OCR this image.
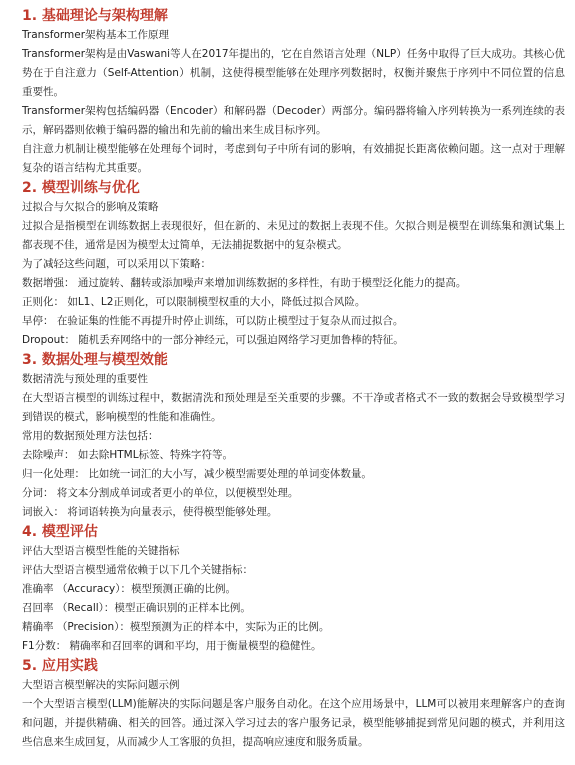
1. 基础理论与架构理解

Transformer架构基本工作原理

Transformer架构是由Vaswani等人在2017年提出的，它在自然语言处理（NLP）任务中取得了巨大成功。其核心优势在于自注意力（Self-Attention）机制，这使得模型能够在处理序列数据时，权衡并聚焦于序列中不同位置的信息重要性。

Transformer架构包括编码器（Encoder）和解码器（Decoder）两部分。编码器将输入序列转换为一系列连续的表示，解码器则依赖于编码器的输出和先前的输出来生成目标序列。

自注意力机制让模型能够在处理每个词时，考虑到句子中所有词的影响，有效捕捉长距离依赖问题。这一点对于理解复杂的语言结构尤其重要。

2. 模型训练与优化

过拟合与欠拟合的影响及策略

过拟合是指模型在训练数据上表现很好，但在新的、未见过的数据上表现不佳。欠拟合则是模型在训练集和测试集上都表现不佳，通常是因为模型太过简单，无法捕捉数据中的复杂模式。

为了减轻这些问题，可以采用以下策略：

数据增强： 通过旋转、翻转或添加噪声来增加训练数据的多样性，有助于模型泛化能力的提高。

正则化： 如L1、L2正则化，可以限制模型权重的大小，降低过拟合风险。

早停： 在验证集的性能不再提升时停止训练，可以防止模型过于复杂从而过拟合。

Dropout： 随机丢弃网络中的一部分神经元，可以强迫网络学习更加鲁棒的特征。

3. 数据处理与模型效能

数据清洗与预处理的重要性

在大型语言模型的训练过程中，数据清洗和预处理是至关重要的步骤。不干净或者格式不一致的数据会导致模型学习到错误的模式，影响模型的性能和准确性。

常用的数据预处理方法包括：

去除噪声： 如去除HTML标签、特殊字符等。

归一化处理： 比如统一词汇的大小写，减少模型需要处理的单词变体数量。

分词： 将文本分割成单词或者更小的单位，以便模型处理。

词嵌入： 将词语转换为向量表示，使得模型能够处理。

4. 模型评估

评估大型语言模型性能的关键指标

评估大型语言模型通常依赖于以下几个关键指标：

准确率 （Accuracy）：模型预测正确的比例。

召回率 （Recall）：模型正确识别的正样本比例。

精确率 （Precision）：模型预测为正的样本中，实际为正的比例。

F1分数： 精确率和召回率的调和平均，用于衡量模型的稳健性。

5. 应用实践

大型语言模型解决的实际问题示例

一个大型语言模型(LLM)能解决的实际问题是客户服务自动化。在这个应用场景中，LLM可以被用来理解客户的查询和问题，并提供精确、相关的回答。通过深入学习过去的客户服务记录，模型能够捕捉到常见问题的模式，并利用这些信息来生成回复，从而减少人工客服的负担，提高响应速度和服务质量。
